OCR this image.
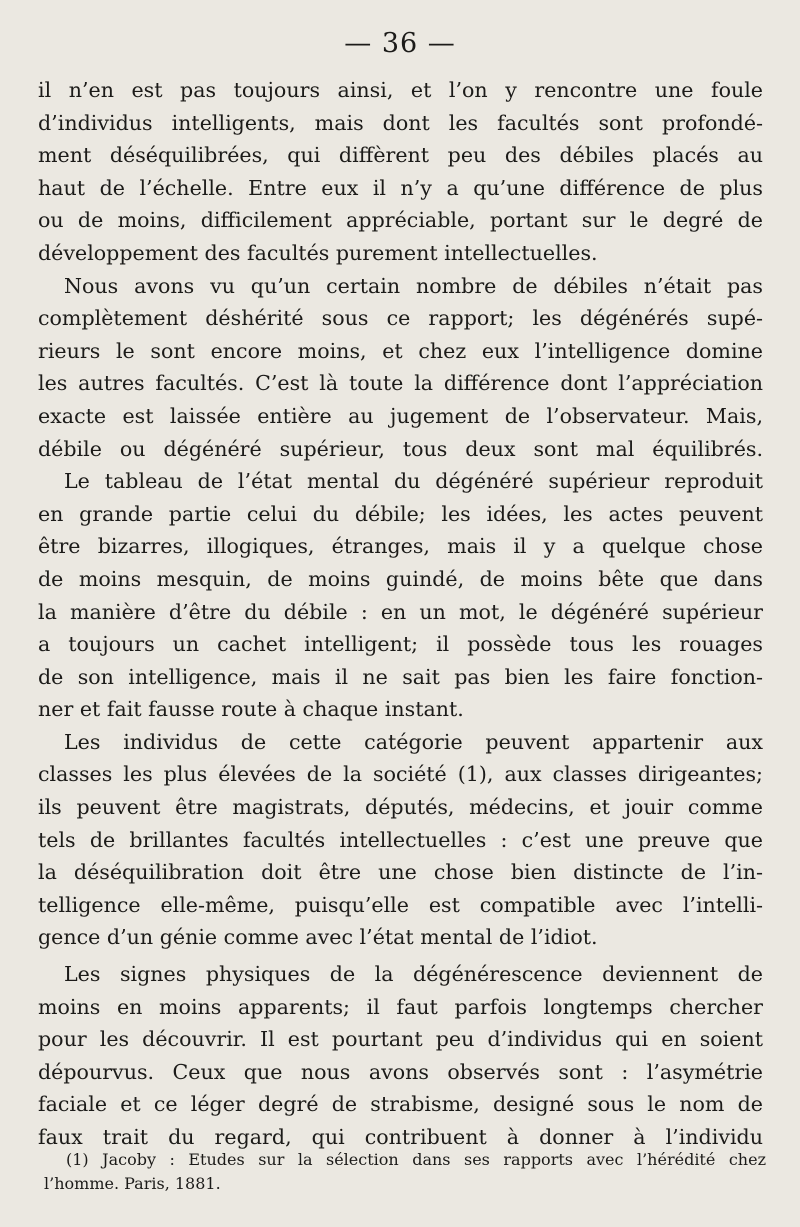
— 36 —
il n’en est pas toujours ainsi, et l’on y rencontre une foule
d’individus intelligents, mais dont les facultés sont profondé-
ment déséquilibrées, qui diffèrent peu des débiles placés au
haut de l’échelle. Entre eux il n’y a qu’une différence de plus
ou de moins, difficilement appréciable, portant sur le degré de
développement des facultés purement intellectuelles.
Nous avons vu qu’un certain nombre de débiles n’était pas
complètement déshérité sous ce rapport; les dégénérés supé-
rieurs le sont encore moins, et chez eux l’intelligence domine
les autres facultés. C’est là toute la différence dont l’appréciation
exacte est laissée entière au jugement de l’observateur. Mais,
débile ou dégénéré supérieur, tous deux sont mal équilibrés.
Le tableau de l’état mental du dégénéré supérieur reproduit
en grande partie celui du débile; les idées, les actes peuvent
être bizarres, illogiques, étranges, mais il y a quelque chose
de moins mesquin, de moins guindé, de moins bête que dans
la manière d’être du débile : en un mot, le dégénéré supérieur
a toujours un cachet intelligent; il possède tous les rouages
de son intelligence, mais il ne sait pas bien les faire fonction-
ner et fait fausse route à chaque instant.
Les individus de cette catégorie peuvent appartenir aux
classes les plus élevées de la société (1), aux classes dirigeantes;
ils peuvent être magistrats, députés, médecins, et jouir comme
tels de brillantes facultés intellectuelles : c’est une preuve que
la déséquilibration doit être une chose bien distincte de l’in-
telligence elle-même, puisqu’elle est compatible avec l’intelli-
gence d’un génie comme avec l’état mental de l’idiot.
Les signes physiques de la dégénérescence deviennent de
moins en moins apparents; il faut parfois longtemps chercher
pour les découvrir. Il est pourtant peu d’individus qui en soient
dépourvus. Ceux que nous avons observés sont : l’asymétrie
faciale et ce léger degré de strabisme, designé sous le nom de
faux trait du regard, qui contribuent à donner à l’individu
(1) Jacoby : Etudes sur la sélection dans ses rapports avec l’hérédité chez
l’homme. Paris, 1881.
